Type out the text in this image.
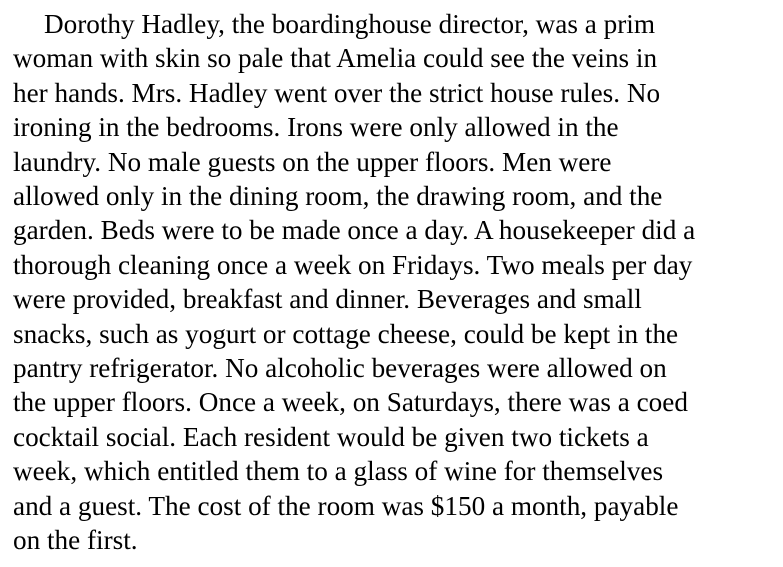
Dorothy Hadley, the boardinghouse director, was a prim
woman with skin so pale that Amelia could see the veins in
her hands. Mrs. Hadley went over the strict house rules. No
ironing in the bedrooms. Irons were only allowed in the
laundry. No male guests on the upper floors. Men were
allowed only in the dining room, the drawing room, and the
garden. Beds were to be made once a day. A housekeeper did a
thorough cleaning once a week on Fridays. Two meals per day
were provided, breakfast and dinner. Beverages and small
snacks, such as yogurt or cottage cheese, could be kept in the
pantry refrigerator. No alcoholic beverages were allowed on
the upper floors. Once a week, on Saturdays, there was a coed
cocktail social. Each resident would be given two tickets a
week, which entitled them to a glass of wine for themselves
and a guest. The cost of the room was $150 a month, payable
on the first.
